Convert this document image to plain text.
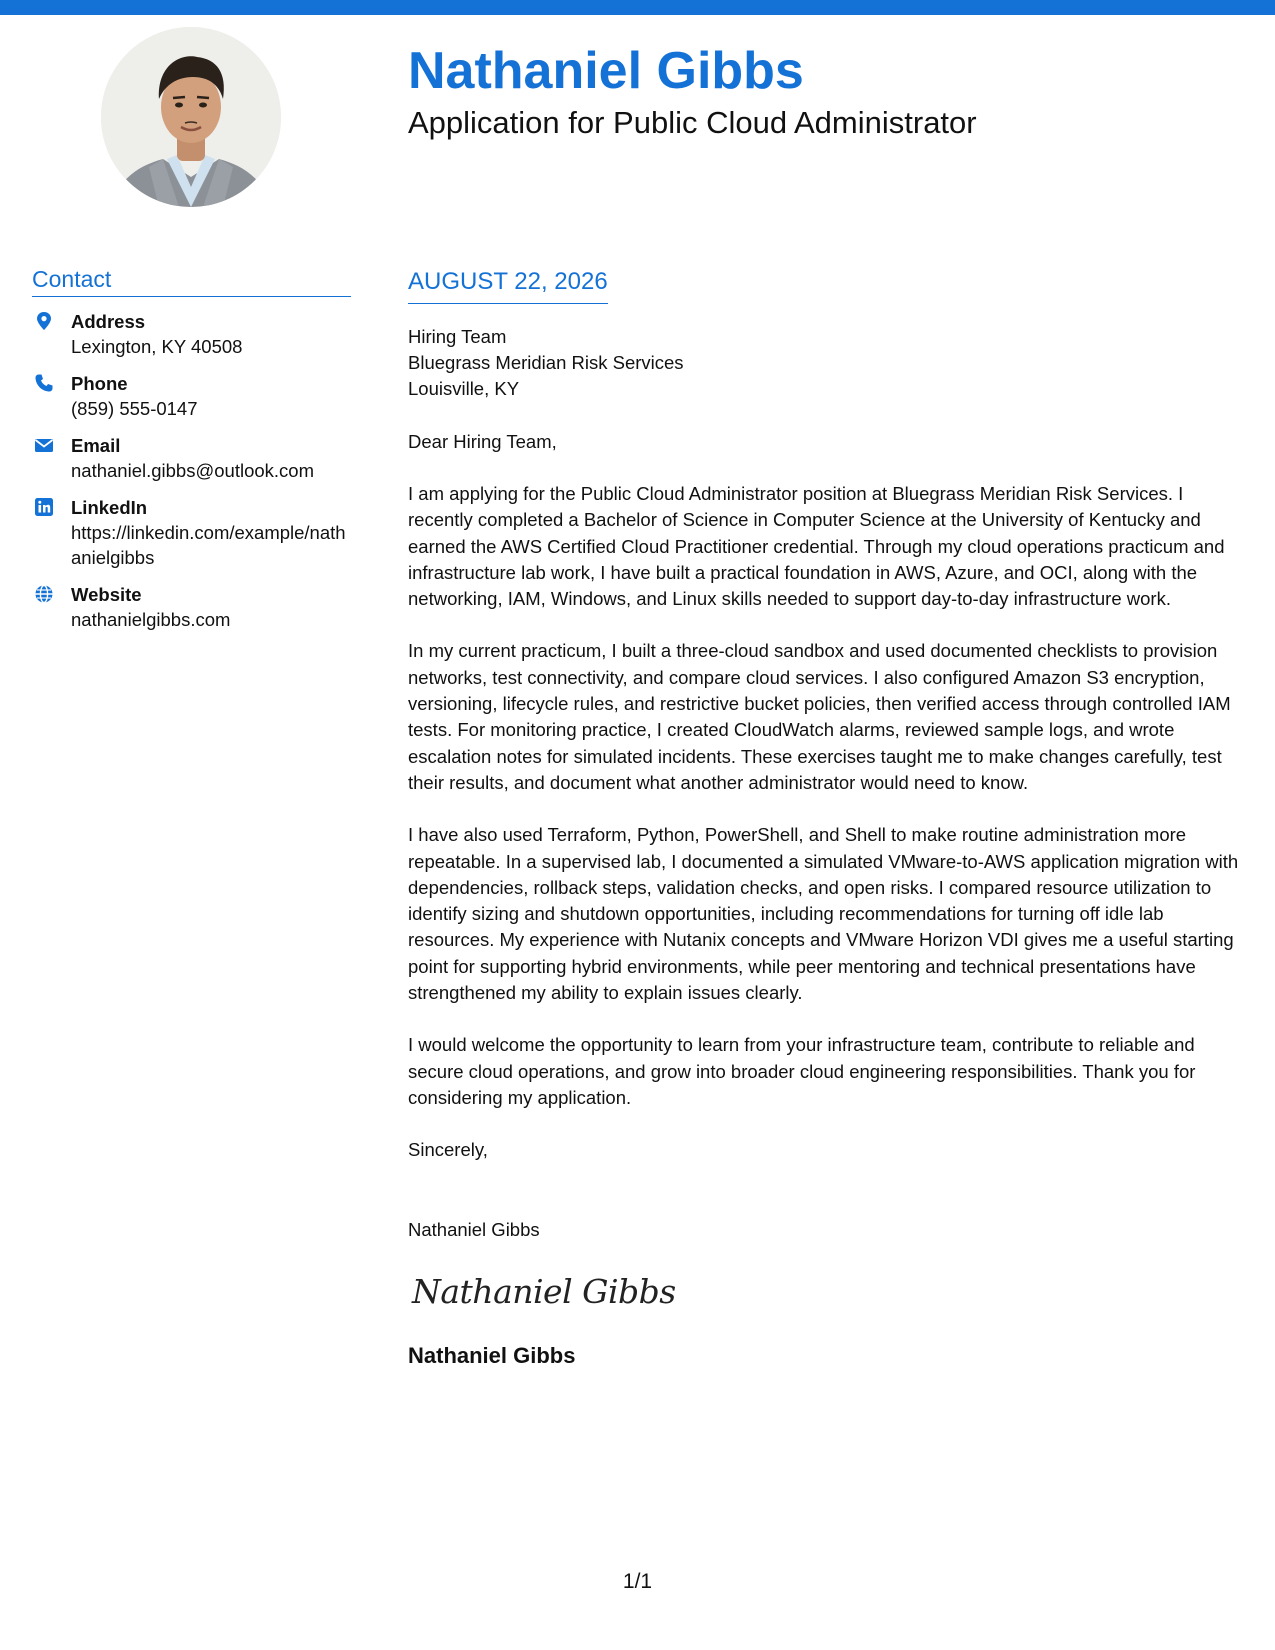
Nathaniel Gibbs
Application for Public Cloud Administrator
Contact
Address
Lexington, KY 40508
Phone
(859) 555-0147
Email
nathaniel.gibbs@outlook.com
LinkedIn
https://linkedin.com/example/nathanielgibbs
Website
nathanielgibbs.com
AUGUST 22, 2026
Hiring Team
Bluegrass Meridian Risk Services
Louisville, KY
Dear Hiring Team,

I am applying for the Public Cloud Administrator position at Bluegrass Meridian Risk Services. I recently completed a Bachelor of Science in Computer Science at the University of Kentucky and earned the AWS Certified Cloud Practitioner credential. Through my cloud operations practicum and infrastructure lab work, I have built a practical foundation in AWS, Azure, and OCI, along with the networking, IAM, Windows, and Linux skills needed to support day-to-day infrastructure work.

In my current practicum, I built a three-cloud sandbox and used documented checklists to provision networks, test connectivity, and compare cloud services. I also configured Amazon S3 encryption, versioning, lifecycle rules, and restrictive bucket policies, then verified access through controlled IAM tests. For monitoring practice, I created CloudWatch alarms, reviewed sample logs, and wrote escalation notes for simulated incidents. These exercises taught me to make changes carefully, test their results, and document what another administrator would need to know.

I have also used Terraform, Python, PowerShell, and Shell to make routine administration more repeatable. In a supervised lab, I documented a simulated VMware-to-AWS application migration with dependencies, rollback steps, validation checks, and open risks. I compared resource utilization to identify sizing and shutdown opportunities, including recommendations for turning off idle lab resources. My experience with Nutanix concepts and VMware Horizon VDI gives me a useful starting point for supporting hybrid environments, while peer mentoring and technical presentations have strengthened my ability to explain issues clearly.

I would welcome the opportunity to learn from your infrastructure team, contribute to reliable and secure cloud operations, and grow into broader cloud engineering responsibilities. Thank you for considering my application.

Sincerely,
Nathaniel Gibbs
Nathaniel Gibbs
Nathaniel Gibbs
1/1
